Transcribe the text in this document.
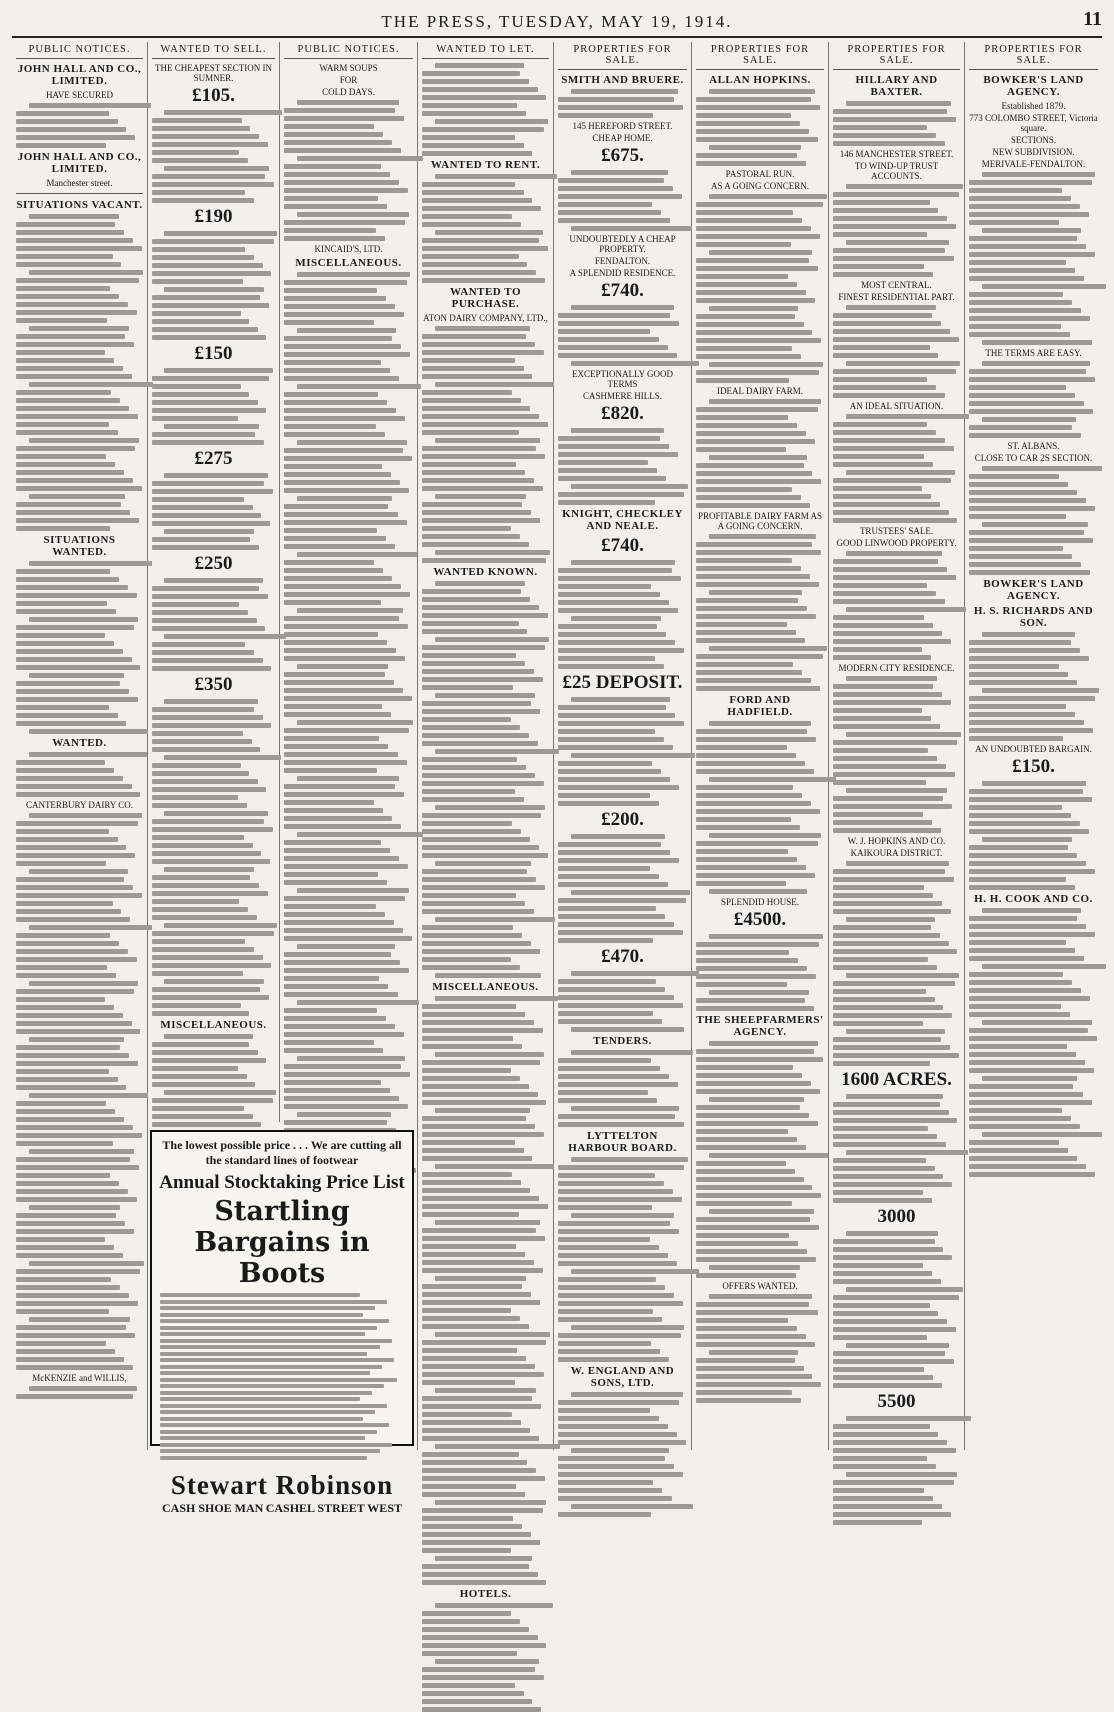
THE PRESS, TUESDAY, MAY 19, 1914.	11
PUBLIC NOTICES.
JOHN HALL AND CO., LIMITED.
HAVE SECURED
JOHN HALL AND CO., LIMITED.
Manchester street.
SITUATIONS VACANT.
SITUATIONS WANTED.
WANTED.
CANTERBURY DAIRY CO.
McKENZIE and WILLIS,
WANTED TO SELL.
THE CHEAPEST SECTION IN SUMNER.
£105.
£190
£150
£275
£250
£350
MISCELLANEOUS.
PUBLIC NOTICES.
WARM SOUPS
FOR
COLD DAYS.
KINCAID'S, LTD.
MISCELLANEOUS.
WANTED TO LET.
WANTED TO RENT.
WANTED TO PURCHASE.
ATON DAIRY COMPANY, LTD.,
WANTED KNOWN.
MISCELLANEOUS.
HOTELS.
PROPERTIES FOR SALE.
SMITH AND BRUERE.
145 HEREFORD STREET.
CHEAP HOME.
£675.
UNDOUBTEDLY A CHEAP PROPERTY.
FENDALTON.
A SPLENDID RESIDENCE.
£740.
EXCEPTIONALLY GOOD TERMS
CASHMERE HILLS.
£820.
KNIGHT, CHECKLEY AND NEALE.
£740.
£25 DEPOSIT.
£200.
£470.
TENDERS.
LYTTELTON HARBOUR BOARD.
W. ENGLAND AND SONS, LTD.
PROPERTIES FOR SALE.
ALLAN HOPKINS.
PASTORAL RUN.
AS A GOING CONCERN.
IDEAL DAIRY FARM.
PROFITABLE DAIRY FARM AS A GOING CONCERN.
FORD AND HADFIELD.
SPLENDID HOUSE.
£4500.
THE SHEEPFARMERS' AGENCY.
OFFERS WANTED.
PROPERTIES FOR SALE.
HILLARY AND BAXTER.
146 MANCHESTER STREET.
TO WIND-UP TRUST ACCOUNTS.
MOST CENTRAL.
FINEST RESIDENTIAL PART.
AN IDEAL SITUATION.
TRUSTEES' SALE.
GOOD LINWOOD PROPERTY.
MODERN CITY RESIDENCE.
W. J. HOPKINS AND CO.
KAIKOURA DISTRICT.
1600 ACRES.
3000
5500
PROPERTIES FOR SALE.
BOWKER'S LAND AGENCY.
Established 1879.
773 COLOMBO STREET, Victoria square.
SECTIONS.
NEW SUBDIVISION.
MERIVALE-FENDALTON.
THE TERMS ARE EASY.
ST. ALBANS.
CLOSE TO CAR 2S SECTION.
BOWKER'S LAND AGENCY.
H. S. RICHARDS AND SON.
AN UNDOUBTED BARGAIN.
£150.
H. H. COOK AND CO.
The lowest possible price . . . We are cutting all
the standard lines of footwear
Annual Stocktaking Price List
Startling Bargains in Boots
Stewart Robinson
CASH SHOE MAN CASHEL STREET WEST
